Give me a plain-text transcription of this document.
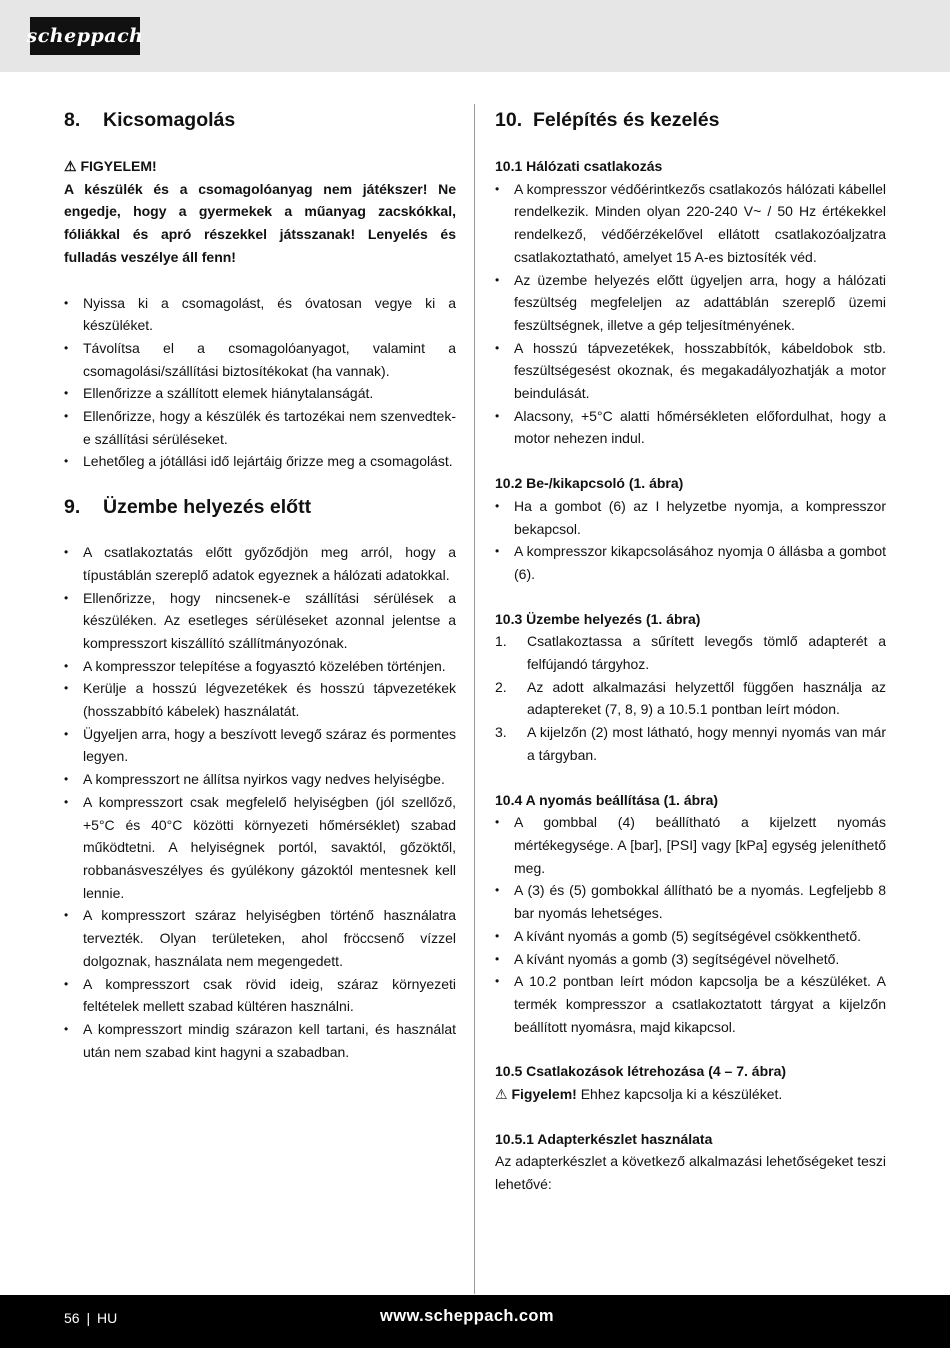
scheppach
8.	Kicsomagolás
⚠ FIGYELEM!
A készülék és a csomagolóanyag nem játékszer! Ne engedje, hogy a gyermekek a műanyag zacskókkal, fóliákkal és apró részekkel játsszanak! Lenyelés és fulladás veszélye áll fenn!
• Nyissa ki a csomagolást, és óvatosan vegye ki a készüléket.
• Távolítsa el a csomagolóanyagot, valamint a csomagolási/szállítási biztosítékokat (ha vannak).
• Ellenőrizze a szállított elemek hiánytalanságát.
• Ellenőrizze, hogy a készülék és tartozékai nem szenvedtek-e szállítási sérüléseket.
• Lehetőleg a jótállási idő lejártáig őrizze meg a csomagolást.
9.	Üzembe helyezés előtt
• A csatlakoztatás előtt győződjön meg arról, hogy a típustáblán szereplő adatok egyeznek a hálózati adatokkal.
• Ellenőrizze, hogy nincsenek-e szállítási sérülések a készüléken. Az esetleges sérüléseket azonnal jelentse a kompresszort kiszállító szállítmányozónak.
• A kompresszor telepítése a fogyasztó közelében történjen.
• Kerülje a hosszú légvezetékek és hosszú tápvezetékek (hosszabbító kábelek) használatát.
• Ügyeljen arra, hogy a beszívott levegő száraz és pormentes legyen.
• A kompresszort ne állítsa nyirkos vagy nedves helyiségbe.
• A kompresszort csak megfelelő helyiségben (jól szellőző, +5°C és 40°C közötti környezeti hőmérséklet) szabad működtetni. A helyiségnek portól, savaktól, gőzöktől, robbanásveszélyes és gyúlékony gázoktól mentesnek kell lennie.
• A kompresszort száraz helyiségben történő használatra tervezték. Olyan területeken, ahol fröccsenő vízzel dolgoznak, használata nem megengedett.
• A kompresszort csak rövid ideig, száraz környezeti feltételek mellett szabad kültéren használni.
• A kompresszort mindig szárazon kell tartani, és használat után nem szabad kint hagyni a szabadban.
10. Felépítés és kezelés
10.1 Hálózati csatlakozás
• A kompresszor védőérintkezős csatlakozós hálózati kábellel rendelkezik. Minden olyan 220-240 V~ / 50 Hz értékekkel rendelkező, védőérzékelővel ellátott csatlakozóaljzatra csatlakoztatható, amelyet 15 A-es biztosíték véd.
• Az üzembe helyezés előtt ügyeljen arra, hogy a hálózati feszültség megfeleljen az adattáblán szereplő üzemi feszültségnek, illetve a gép teljesítményének.
• A hosszú tápvezetékek, hosszabbítók, kábeldobok stb. feszültségesést okoznak, és megakadályozhatják a motor beindulását.
• Alacsony, +5°C alatti hőmérsékleten előfordulhat, hogy a motor nehezen indul.
10.2 Be-/kikapcsoló (1. ábra)
• Ha a gombot (6) az I helyzetbe nyomja, a kompresszor bekapcsol.
• A kompresszor kikapcsolásához nyomja 0 állásba a gombot (6).
10.3 Üzembe helyezés (1. ábra)
1. Csatlakoztassa a sűrített levegős tömlő adapterét a felfújandó tárgyhoz.
2. Az adott alkalmazási helyzettől függően használja az adaptereket (7, 8, 9) a 10.5.1 pontban leírt módon.
3. A kijelzőn (2) most látható, hogy mennyi nyomás van már a tárgyban.
10.4 A nyomás beállítása (1. ábra)
• A gombbal (4) beállítható a kijelzett nyomás mértékegysége. A [bar], [PSI] vagy [kPa] egység jeleníthető meg.
• A (3) és (5) gombokkal állítható be a nyomás. Legfeljebb 8 bar nyomás lehetséges.
• A kívánt nyomás a gomb (5) segítségével csökkenthető.
• A kívánt nyomás a gomb (3) segítségével növelhető.
• A 10.2 pontban leírt módon kapcsolja be a készüléket. A termék kompresszor a csatlakoztatott tárgyat a kijelzőn beállított nyomásra, majd kikapcsol.
10.5 Csatlakozások létrehozása (4 – 7. ábra)

⚠ Figyelem! Ehhez kapcsolja ki a készüléket.

10.5.1 Adapterkészlet használata

Az adapterkészlet a következő alkalmazási lehetőségeket teszi lehetővé:

56 | HU	www.scheppach.com
